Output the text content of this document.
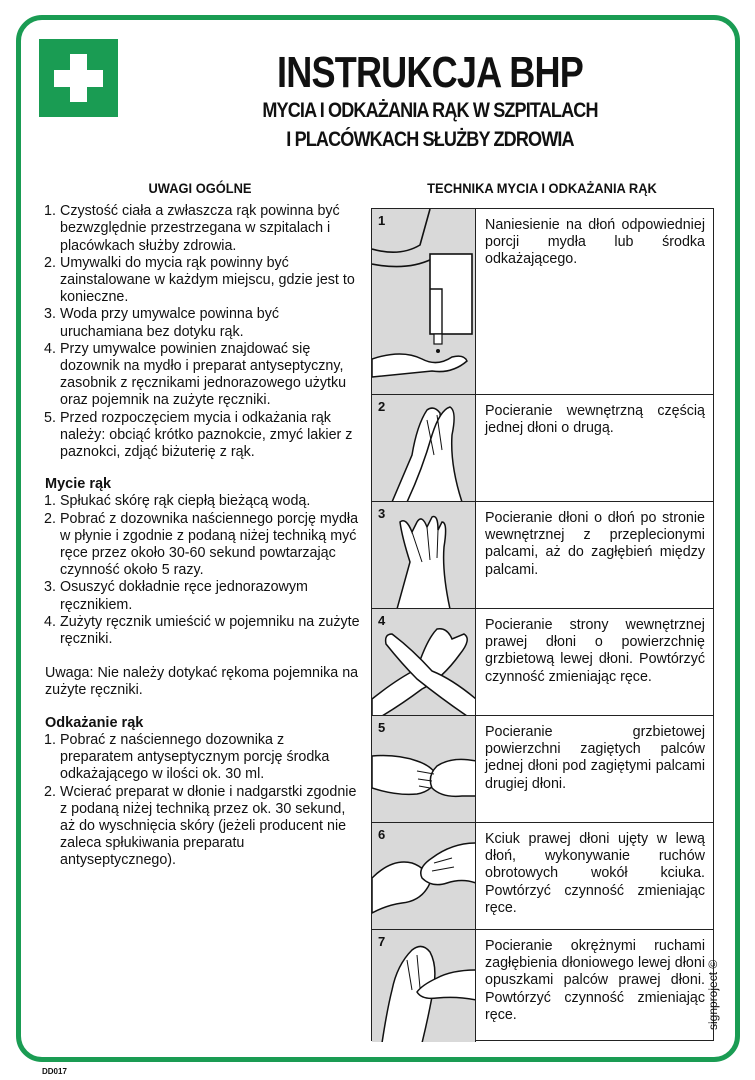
INSTRUKCJA BHP
MYCIA I ODKAŻANIA RĄK W SZPITALACH
I PLACÓWKACH SŁUŻBY ZDROWIA
UWAGI OGÓLNE
1. Czystość ciała a zwłaszcza rąk powinna być bezwzględnie przestrzegana w szpitalach i placówkach służby zdrowia.
2. Umywalki do mycia rąk powinny być zainstalowane w każdym miejscu, gdzie jest to konieczne.
3. Woda przy umywalce powinna być uruchamiana bez dotyku rąk.
4. Przy umywalce powinien znajdować się dozownik na mydło i preparat antyseptyczny, zasobnik z ręcznikami jednorazowego użytku oraz pojemnik na zużyte ręczniki.
5. Przed rozpoczęciem mycia i odkażania rąk należy: obciąć krótko paznokcie, zmyć lakier z paznokci, zdjąć biżuterię z rąk.
Mycie rąk
1. Spłukać skórę rąk ciepłą bieżącą wodą.
2. Pobrać z dozownika naściennego porcję mydła w płynie i zgodnie z podaną niżej techniką myć ręce przez około 30-60 sekund powtarzając czynność około 5 razy.
3. Osuszyć dokładnie ręce jednorazowym ręcznikiem.
4. Zużyty ręcznik umieścić w pojemniku na zużyte ręczniki.
Uwaga: Nie należy dotykać rękoma pojemnika na zużyte ręczniki.
Odkażanie rąk
1. Pobrać z naściennego dozownika z preparatem antyseptycznym porcję środka odkażającego w ilości ok. 30 ml.
2. Wcierać preparat w dłonie i nadgarstki zgodnie z podaną niżej techniką przez ok. 30 sekund, aż do wyschnięcia skóry (jeżeli producent nie zaleca spłukiwania preparatu antyseptycznego).
TECHNIKA MYCIA I ODKAŻANIA RĄK
1	Naniesienie na dłoń odpowiedniej porcji mydła lub środka odkażającego.
2	Pocieranie wewnętrzną częścią jednej dłoni o drugą.
3	Pocieranie dłoni o dłoń po stronie wewnętrznej z przeplecionymi palcami, aż do zagłębień między palcami.
4	Pocieranie strony wewnętrznej prawej dłoni o powierzchnię grzbietową lewej dłoni. Powtórzyć czynność zmieniając ręce.
5	Pocieranie grzbietowej powierzchni zagiętych palców jednej dłoni pod zagiętymi palcami drugiej dłoni.
6	Kciuk prawej dłoni ujęty w lewą dłoń, wykonywanie ruchów obrotowych wokół kciuka. Powtórzyć czynność zmieniając ręce.
7	Pocieranie okrężnymi ruchami zagłębienia dłoniowego lewej dłoni opuszkami palców prawej dłoni. Powtórzyć czynność zmieniając ręce.	signproject ©
DD017
